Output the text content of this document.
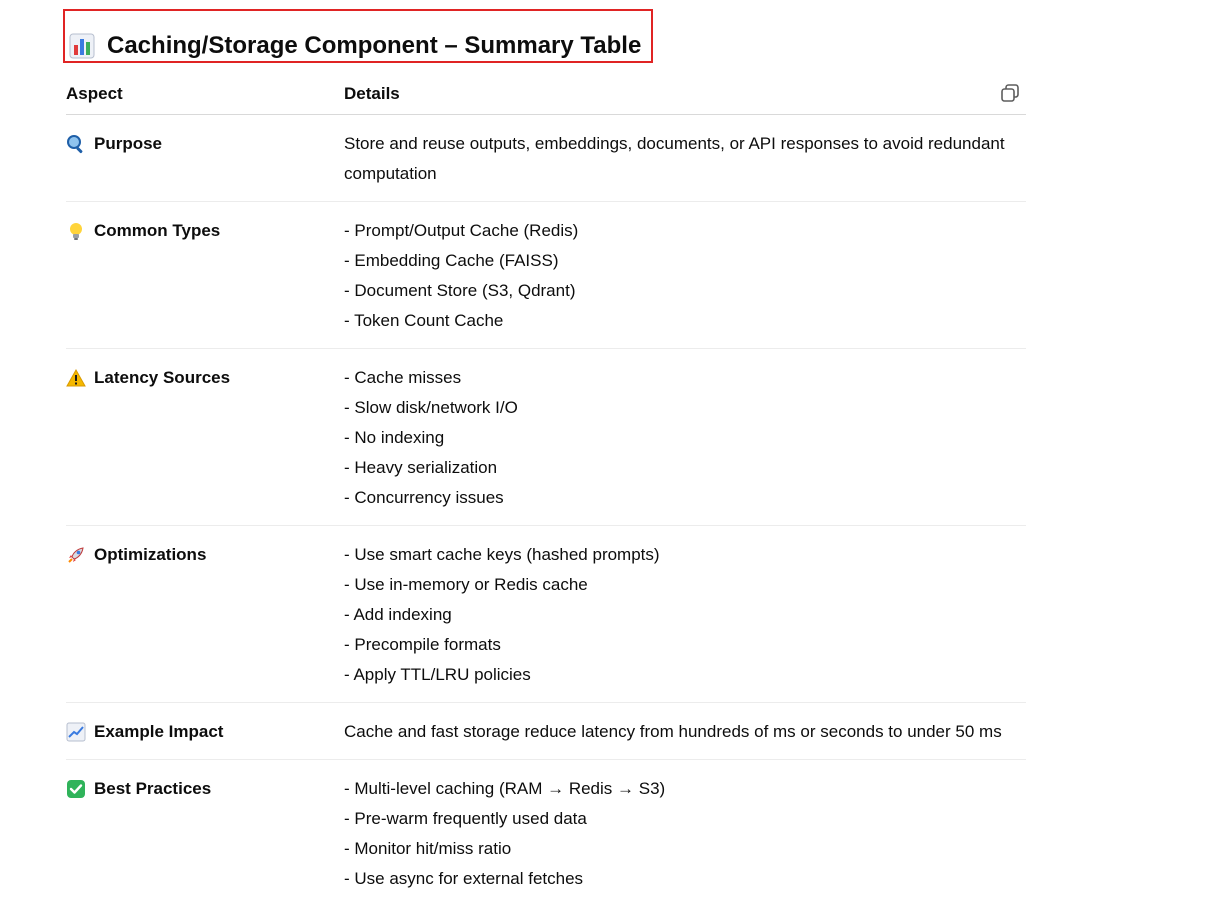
Caching/Storage Component – Summary Table
Aspect	Details
Purpose	Store and reuse outputs, embeddings, documents, or API responses to avoid redundant computation
Common Types	- Prompt/Output Cache (Redis)
- Embedding Cache (FAISS)
- Document Store (S3, Qdrant)
- Token Count Cache
Latency Sources	- Cache misses
- Slow disk/network I/O
- No indexing
- Heavy serialization
- Concurrency issues
Optimizations	- Use smart cache keys (hashed prompts)
- Use in-memory or Redis cache
- Add indexing
- Precompile formats
- Apply TTL/LRU policies
Example Impact	Cache and fast storage reduce latency from hundreds of ms or seconds to under 50 ms
Best Practices	- Multi-level caching (RAM → Redis → S3)
- Pre-warm frequently used data
- Monitor hit/miss ratio
- Use async for external fetches
